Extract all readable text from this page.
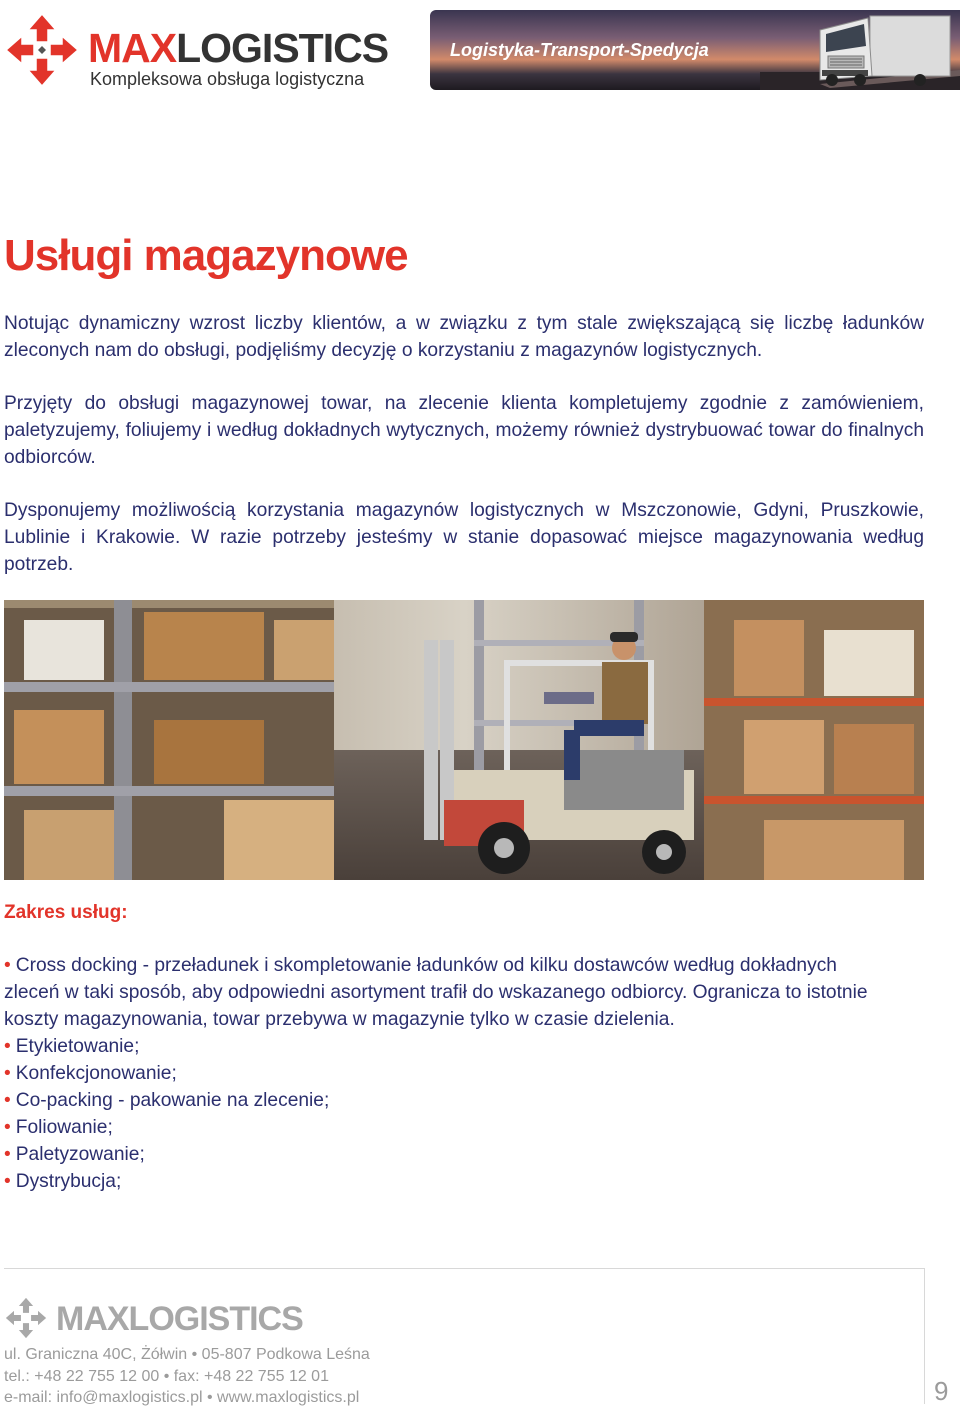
MAXLOGISTICS
Kompleksowa obsługa logistyczna
Logistyka-Transport-Spedycja
Usługi magazynowe

Notując dynamiczny wzrost liczby klientów, a w związku z tym stale zwiększającą się liczbę ładunków zleconych nam do obsługi, podjęliśmy decyzję o korzystaniu z magazynów logistycznych.

Przyjęty do obsługi magazynowej towar, na zlecenie klienta kompletujemy zgodnie z zamówieniem, paletyzujemy, foliujemy i według dokładnych wytycznych, możemy również dystrybuować towar do finalnych odbiorców.

Dysponujemy możliwością korzystania magazynów logistycznych w Mszczonowie, Gdyni, Pruszkowie, Lublinie i Krakowie. W razie potrzeby jesteśmy w stanie dopasować miejsce magazynowania według potrzeb.

Zakres usług:
• Cross docking - przeładunek i skompletowanie ładunków od kilku dostawców według dokładnych zleceń w taki sposób, aby odpowiedni asortyment trafił do wskazanego odbiorcy. Ogranicza to istotnie koszty magazynowania, towar przebywa w magazynie tylko w czasie dzielenia.
• Etykietowanie;
• Konfekcjonowanie;
• Co-packing - pakowanie na zlecenie;
• Foliowanie;
• Paletyzowanie;
• Dystrybucja;
MAXLOGISTICS
ul. Graniczna 40C, Żółwin • 05-807 Podkowa Leśna
tel.: +48 22 755 12 00 • fax: +48 22 755 12 01
e-mail: info@maxlogistics.pl • www.maxlogistics.pl	9
